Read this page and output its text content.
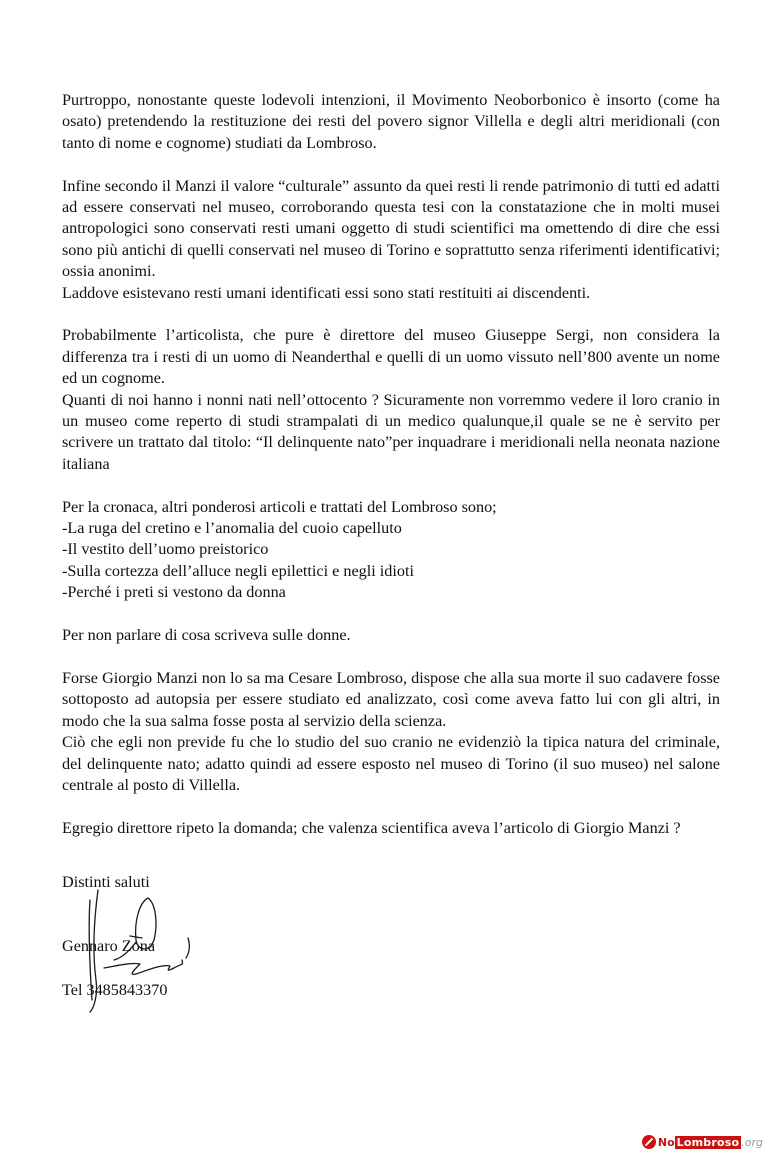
Purtroppo, nonostante queste lodevoli intenzioni, il Movimento Neoborbonico è insorto (come ha osato) pretendendo la restituzione dei resti del povero signor Villella e degli altri meridionali (con tanto di nome e cognome) studiati da Lombroso.

Infine secondo il Manzi il valore “culturale” assunto da quei resti li rende patrimonio di tutti ed adatti ad essere conservati nel museo, corroborando questa tesi con la constatazione che in molti musei antropologici sono conservati resti umani oggetto di studi scientifici ma omettendo di dire che essi sono più antichi di quelli conservati nel museo di Torino e soprattutto senza riferimenti identificativi; ossia anonimi.

Laddove esistevano resti umani identificati essi sono stati restituiti ai discendenti.

Probabilmente l’articolista, che pure è direttore del museo Giuseppe Sergi, non considera la differenza tra i resti di un uomo di Neanderthal e quelli di un uomo vissuto nell’800 avente un nome ed un cognome.

Quanti di noi hanno i nonni nati nell’ottocento ? Sicuramente non vorremmo vedere il loro cranio in un museo come reperto di studi strampalati di un medico qualunque,il quale se ne è servito per scrivere un trattato dal titolo: “Il delinquente nato”per inquadrare i meridionali nella neonata nazione italiana

Per la cronaca, altri ponderosi articoli e trattati del Lombroso sono;

-La ruga del cretino e l’anomalia del cuoio capelluto

-Il vestito dell’uomo preistorico

-Sulla cortezza dell’alluce negli epilettici e negli idioti

-Perché i preti si vestono da donna

Per non parlare di cosa scriveva sulle donne.

Forse Giorgio Manzi non lo sa ma Cesare Lombroso, dispose che alla sua morte il suo cadavere fosse sottoposto ad autopsia per essere studiato ed analizzato, così come aveva fatto lui con gli altri, in modo che la sua salma fosse posta al servizio della scienza.

Ciò che egli non previde fu che lo studio del suo cranio ne evidenziò la tipica natura del criminale, del delinquente nato; adatto quindi ad essere esposto nel museo di Torino (il suo museo) nel salone centrale al posto di Villella.

Egregio direttore ripeto la domanda; che valenza scientifica aveva l’articolo di Giorgio Manzi ?

Distinti saluti
Gennaro Zona
Tel 3485843370
No Lombroso .org
